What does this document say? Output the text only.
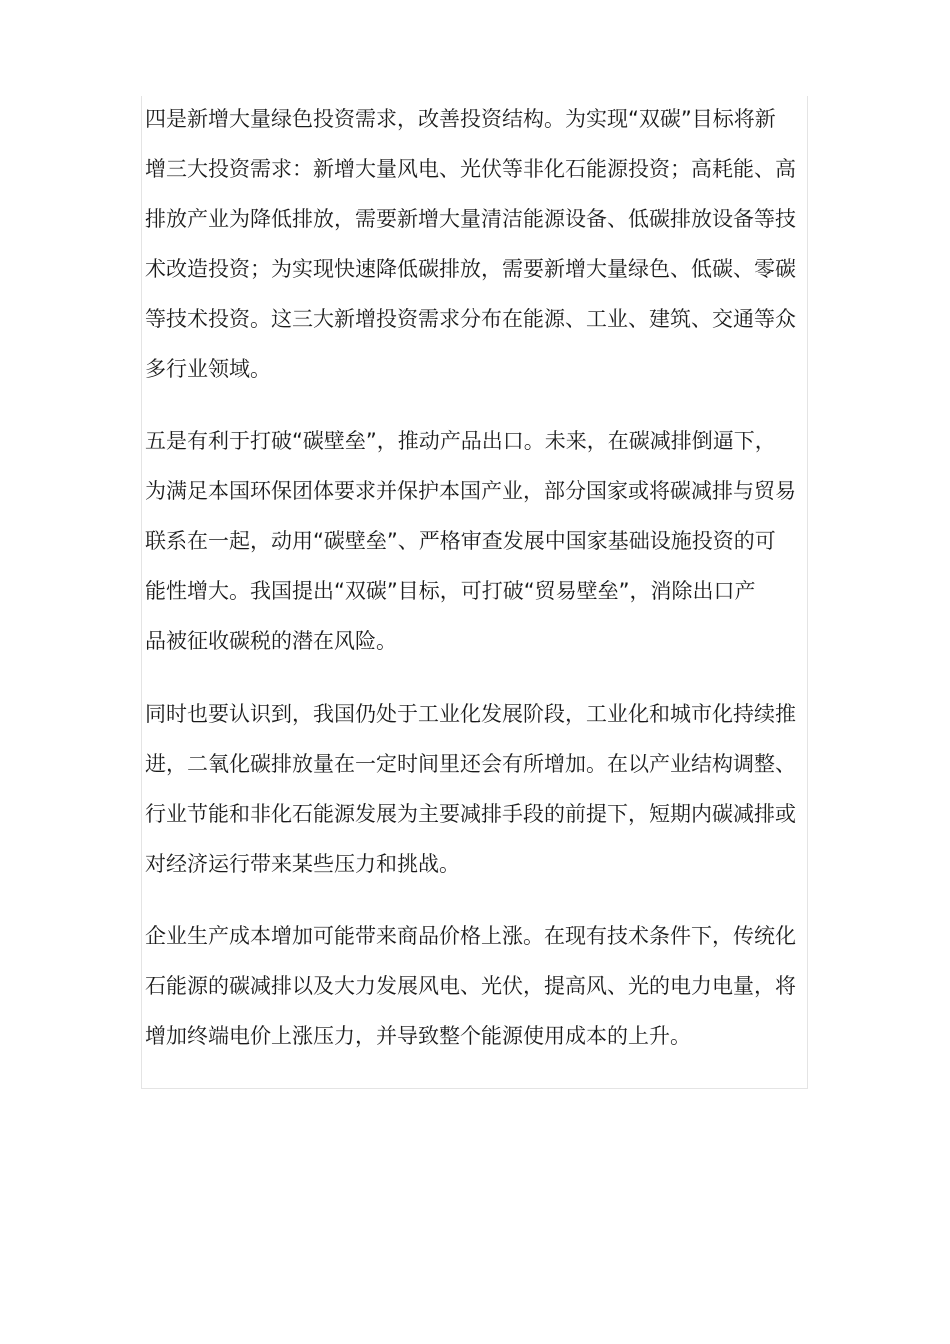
四是新增大量绿色投资需求，改善投资结构。为实现“双碳”目标将新
增三大投资需求：新增大量风电、光伏等非化石能源投资；高耗能、高
排放产业为降低排放，需要新增大量清洁能源设备、低碳排放设备等技
术改造投资；为实现快速降低碳排放，需要新增大量绿色、低碳、零碳
等技术投资。这三大新增投资需求分布在能源、工业、建筑、交通等众
多行业领域。

五是有利于打破“碳壁垒”，推动产品出口。未来，在碳减排倒逼下，
为满足本国环保团体要求并保护本国产业，部分国家或将碳减排与贸易
联系在一起，动用“碳壁垒”、严格审查发展中国家基础设施投资的可
能性增大。我国提出“双碳”目标，可打破“贸易壁垒”，消除出口产
品被征收碳税的潜在风险。

同时也要认识到，我国仍处于工业化发展阶段，工业化和城市化持续推
进，二氧化碳排放量在一定时间里还会有所增加。在以产业结构调整、
行业节能和非化石能源发展为主要减排手段的前提下，短期内碳减排或
对经济运行带来某些压力和挑战。

企业生产成本增加可能带来商品价格上涨。在现有技术条件下，传统化
石能源的碳减排以及大力发展风电、光伏，提高风、光的电力电量，将
增加终端电价上涨压力，并导致整个能源使用成本的上升。
